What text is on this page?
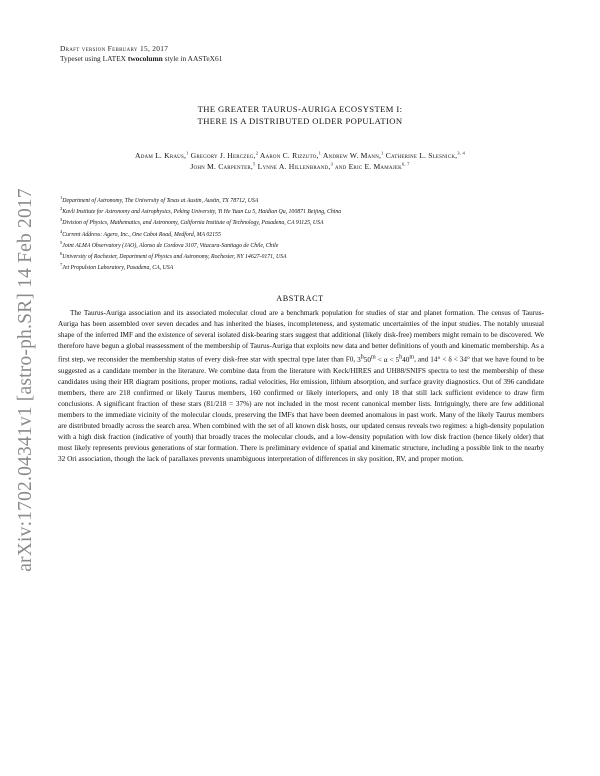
arXiv:1702.04341v1 [astro-ph.SR] 14 Feb 2017
Draft version February 15, 2017
Typeset using LATEX twocolumn style in AASTeX61
THE GREATER TAURUS-AURIGA ECOSYSTEM I:
THERE IS A DISTRIBUTED OLDER POPULATION
Adam L. Kraus,$^1$ Gregory J. Herczeg,$^2$ Aaron C. Rizzuto,$^1$ Andrew W. Mann,$^1$ Catherine L. Slesnick,$^{3, 4}$
John M. Carpenter,$^5$ Lynne A. Hillenbrand,$^3$ and Eric E. Mamajek$^{6, 7}$
$^1$Department of Astronomy, The University of Texas at Austin, Austin, TX 78712, USA
$^2$Kavli Institute for Astronomy and Astrophysics, Peking University, Yi He Yuan Lu 5, Haidian Qu, 100871 Beijing, China
$^3$Division of Physics, Mathematics, and Astronomy, California Institute of Technology, Pasadena, CA 91125, USA
$^4$Current Address: Agero, Inc., One Cabot Road, Medford, MA 02155
$^5$Joint ALMA Observatory (JAO), Alonso de Cordova 3107, Vitacura-Santiago de Chile, Chile
$^6$University of Rochester, Department of Physics and Astronomy, Rochester, NY 14627-0171, USA
$^7$Jet Propulsion Laboratory, Pasadena, CA, USA
ABSTRACT
The Taurus-Auriga association and its associated molecular cloud are a benchmark population for studies of star and planet formation. The census of Taurus-Auriga has been assembled over seven decades and has inherited the biases, incompleteness, and systematic uncertainties of the input studies. The notably unusual shape of the inferred IMF and the existence of several isolated disk-bearing stars suggest that additional (likely disk-free) members might remain to be discovered. We therefore have begun a global reassessment of the membership of Taurus-Auriga that exploits new data and better definitions of youth and kinematic membership. As a first step, we reconsider the membership status of every disk-free star with spectral type later than F0, $3^h50^m < \alpha < 5^h40^m$, and 14° < δ < 34° that we have found to be suggested as a candidate member in the literature. We combine data from the literature with Keck/HIRES and UH88/SNIFS spectra to test the membership of these candidates using their HR diagram positions, proper motions, radial velocities, Hα emission, lithium absorption, and surface gravity diagnostics. Out of 396 candidate members, there are 218 confirmed or likely Taurus members, 160 confirmed or likely interlopers, and only 18 that still lack sufficient evidence to draw firm conclusions. A significant fraction of these stars (81/218 = 37%) are not included in the most recent canonical member lists. Intriguingly, there are few additional members to the immediate vicinity of the molecular clouds, preserving the IMFs that have been deemed anomalous in past work. Many of the likely Taurus members are distributed broadly across the search area. When combined with the set of all known disk hosts, our updated census reveals two regimes: a high-density population with a high disk fraction (indicative of youth) that broadly traces the molecular clouds, and a low-density population with low disk fraction (hence likely older) that most likely represents previous generations of star formation. There is preliminary evidence of spatial and kinematic structure, including a possible link to the nearby 32 Ori association, though the lack of parallaxes prevents unambiguous interpretation of differences in sky position, RV, and proper motion.
